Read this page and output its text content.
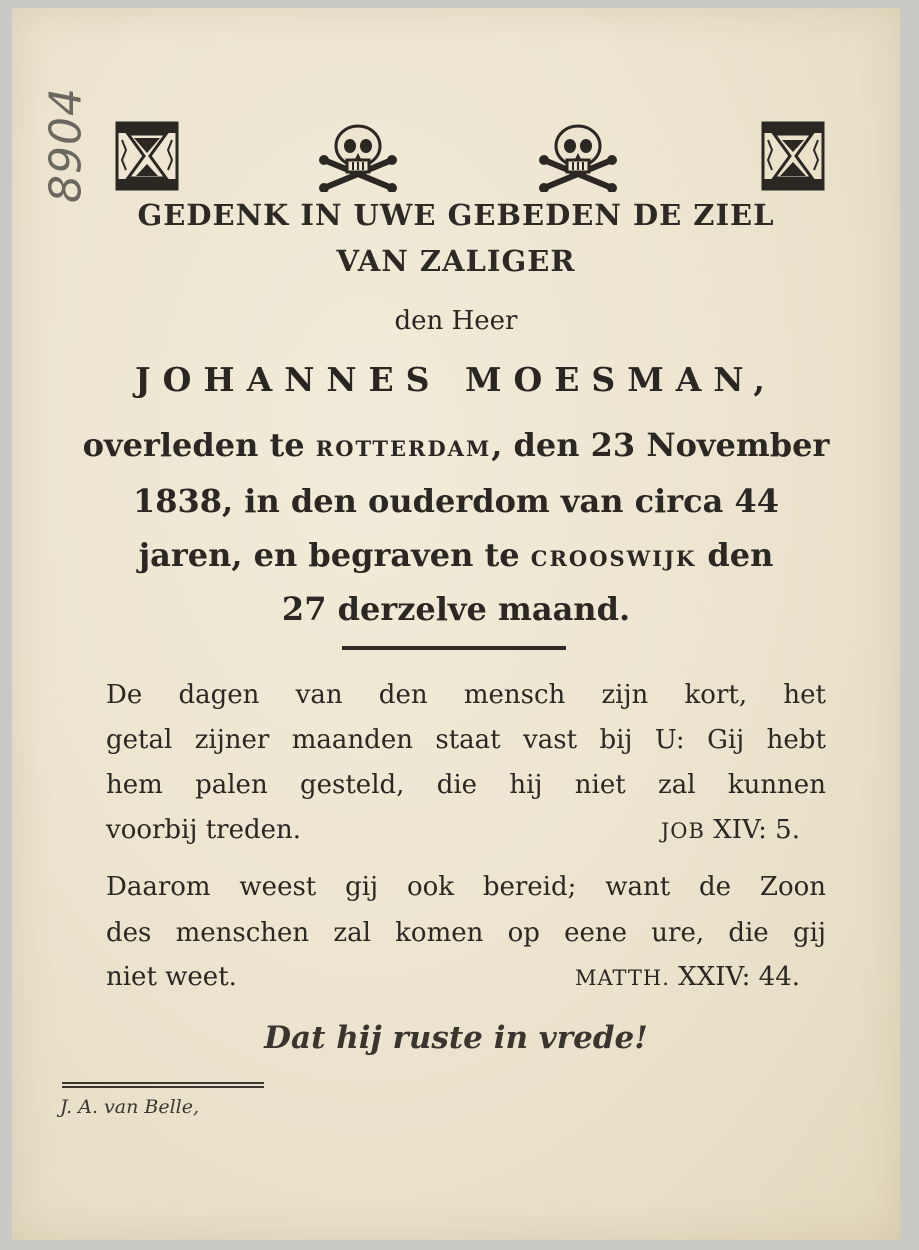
8904
GEDENK IN UWE GEBEDEN DE ZIEL
VAN ZALIGER
den Heer
JOHANNES MOESMAN,
overleden te ROTTERDAM, den 23 November
1838, in den ouderdom van circa 44
jaren, en begraven te CROOSWIJK den
27 derzelve maand.
De dagen van den mensch zijn kort, het
getal zijner maanden staat vast bij U: Gij hebt
hem palen gesteld, die hij niet zal kunnen
voorbij treden.	JOB XIV: 5.
Daarom weest gij ook bereid; want de Zoon
des menschen zal komen op eene ure, die gij
niet weet.	MATTH. XXIV: 44.
Dat hij ruste in vrede!
J. A. van Belle,
